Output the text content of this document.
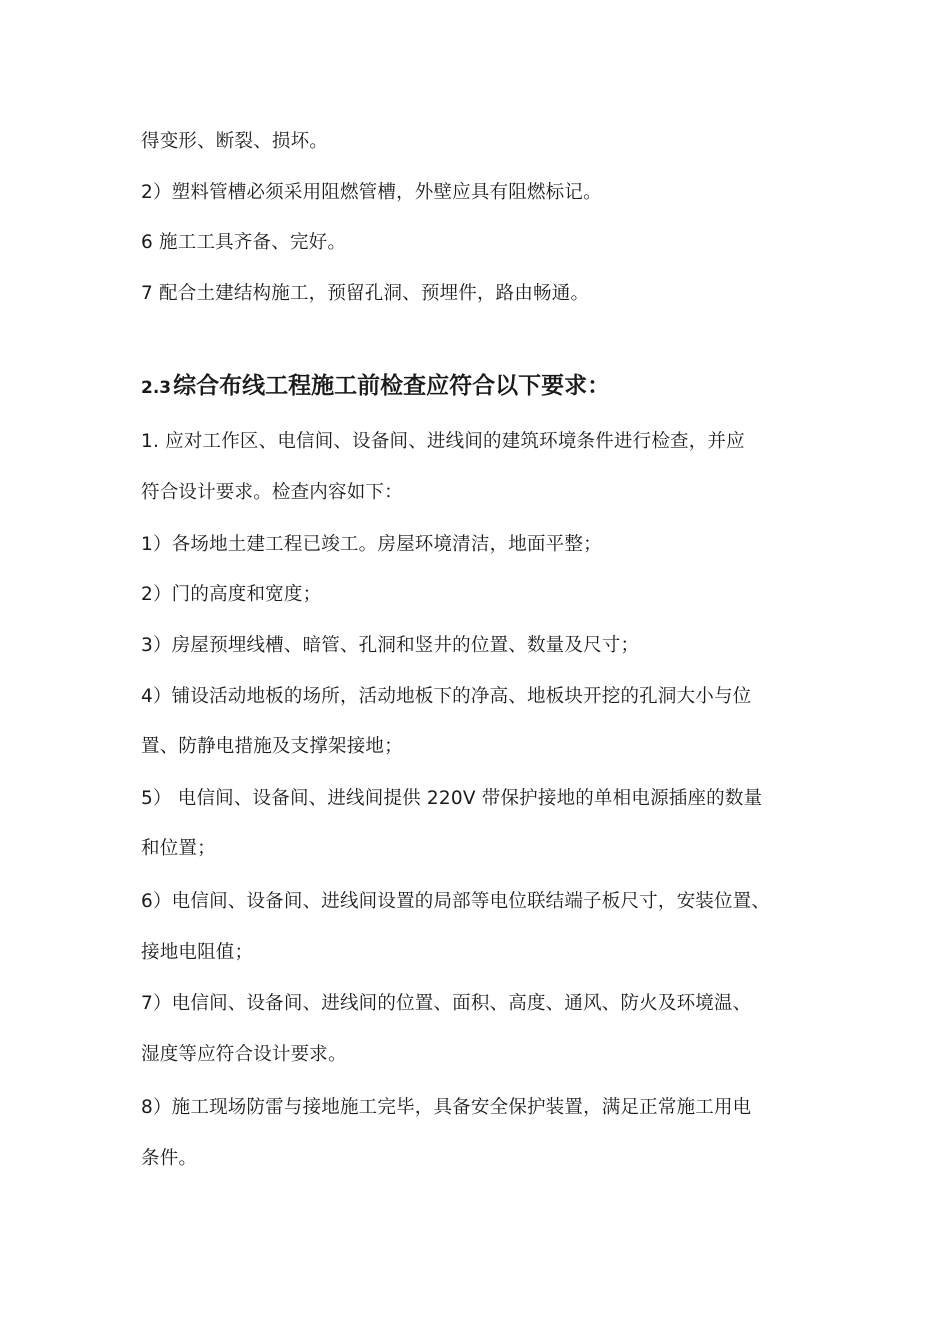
得变形、断裂、损坏。
2）塑料管槽必须采用阻燃管槽，外壁应具有阻燃标记。
6 施工工具齐备、完好。
7 配合土建结构施工，预留孔洞、预埋件，路由畅通。
2.3综合布线工程施工前检查应符合以下要求：
1. 应对工作区、电信间、设备间、进线间的建筑环境条件进行检查，并应
符合设计要求。检查内容如下：
1）各场地土建工程已竣工。房屋环境清洁，地面平整；
2）门的高度和宽度；
3）房屋预埋线槽、暗管、孔洞和竖井的位置、数量及尺寸；
4）铺设活动地板的场所，活动地板下的净高、地板块开挖的孔洞大小与位
置、防静电措施及支撑架接地；
5） 电信间、设备间、进线间提供 220V 带保护接地的单相电源插座的数量
和位置；
6）电信间、设备间、进线间设置的局部等电位联结端子板尺寸，安装位置、
接地电阻值；
7）电信间、设备间、进线间的位置、面积、高度、通风、防火及环境温、
湿度等应符合设计要求。
8）施工现场防雷与接地施工完毕，具备安全保护装置，满足正常施工用电
条件。
